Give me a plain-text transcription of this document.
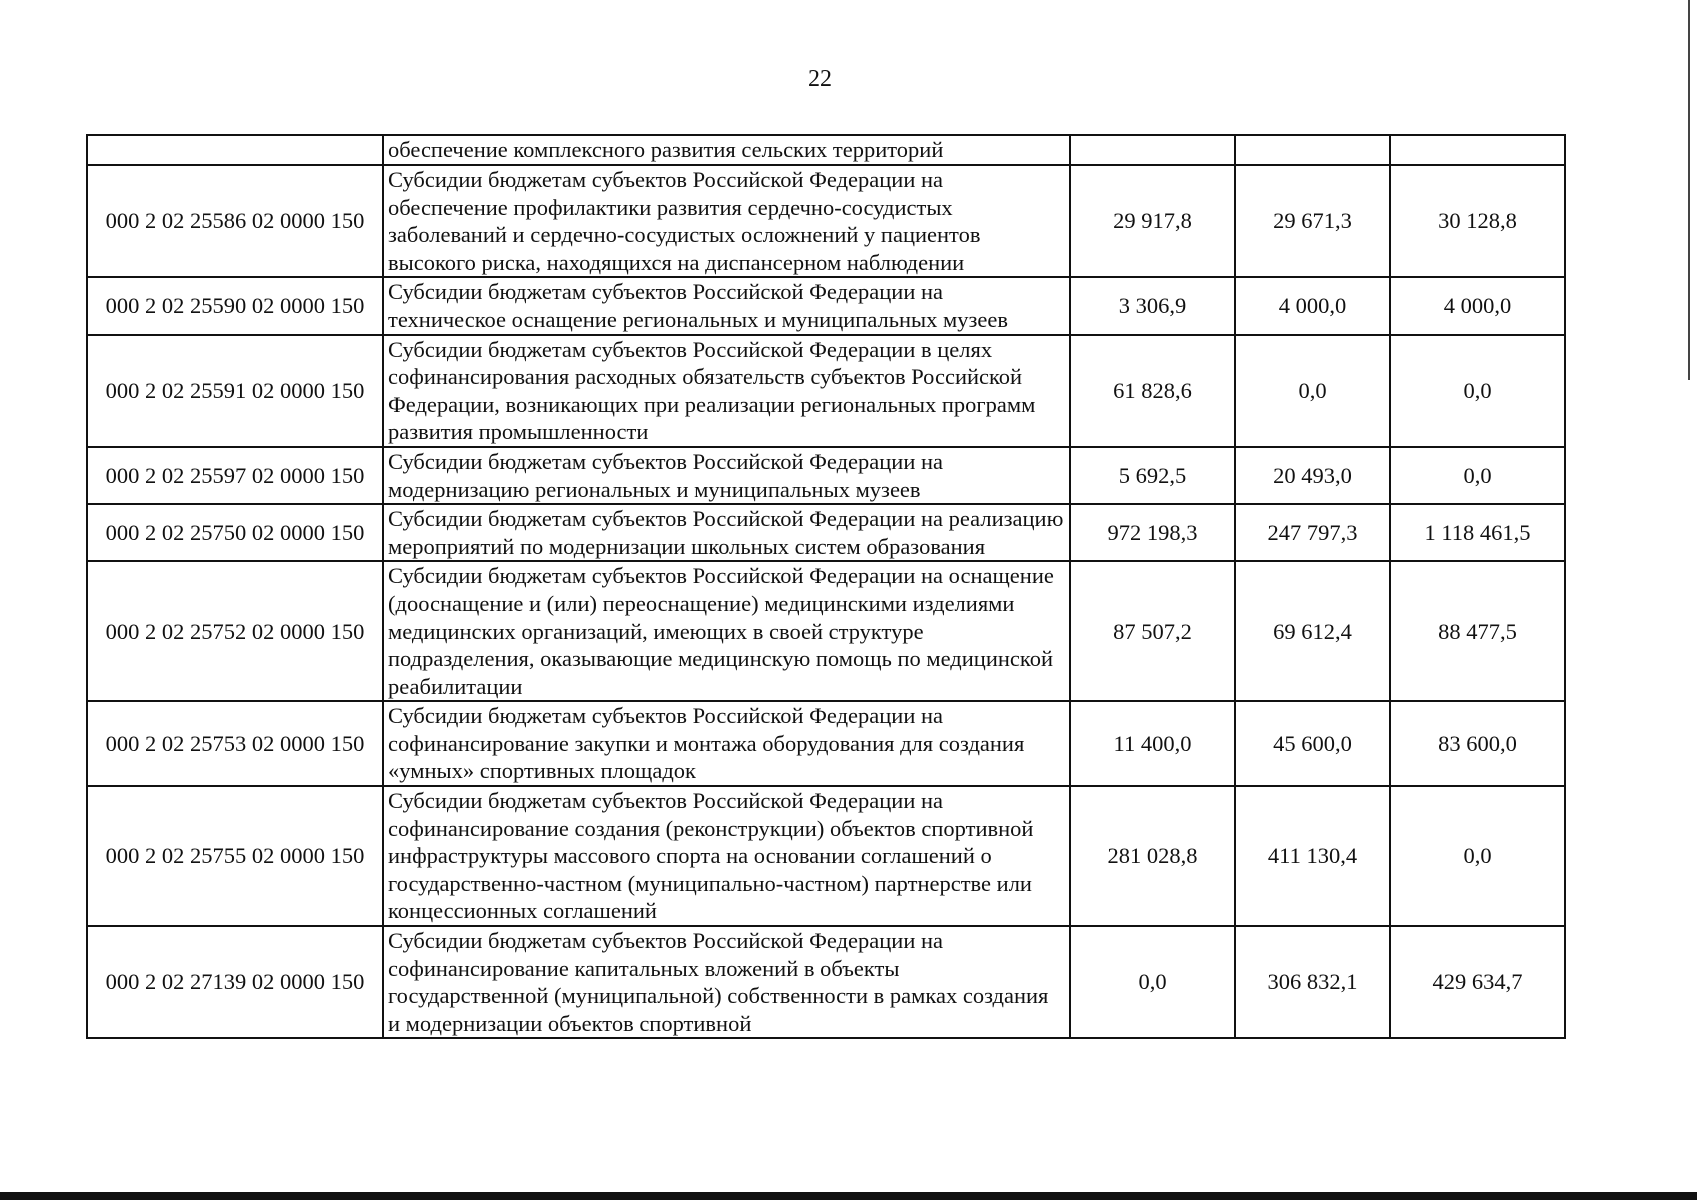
22
	обеспечение комплексного развития сельских территорий			
000 2 02 25586 02 0000 150	Субсидии бюджетам субъектов Российской Федерации на обеспечение профилактики развития сердечно-сосудистых заболеваний и сердечно-сосудистых осложнений у пациентов высокого риска, находящихся на диспансерном наблюдении	29 917,8	29 671,3	30 128,8
000 2 02 25590 02 0000 150	Субсидии бюджетам субъектов Российской Федерации на техническое оснащение региональных и муниципальных музеев	3 306,9	4 000,0	4 000,0
000 2 02 25591 02 0000 150	Субсидии бюджетам субъектов Российской Федерации в целях софинансирования расходных обязательств субъектов Российской Федерации, возникающих при реализации региональных программ развития промышленности	61 828,6	0,0	0,0
000 2 02 25597 02 0000 150	Субсидии бюджетам субъектов Российской Федерации на модернизацию региональных и муниципальных музеев	5 692,5	20 493,0	0,0
000 2 02 25750 02 0000 150	Субсидии бюджетам субъектов Российской Федерации на реализацию мероприятий по модернизации школьных систем образования	972 198,3	247 797,3	1 118 461,5
000 2 02 25752 02 0000 150	Субсидии бюджетам субъектов Российской Федерации на оснащение (дооснащение и (или) переоснащение) медицинскими изделиями медицинских организаций, имеющих в своей структуре подразделения, оказывающие медицинскую помощь по медицинской реабилитации	87 507,2	69 612,4	88 477,5
000 2 02 25753 02 0000 150	Субсидии бюджетам субъектов Российской Федерации на софинансирование закупки и монтажа оборудования для создания «умных» спортивных площадок	11 400,0	45 600,0	83 600,0
000 2 02 25755 02 0000 150	Субсидии бюджетам субъектов Российской Федерации на софинансирование создания (реконструкции) объектов спортивной инфраструктуры массового спорта на основании соглашений о государственно-частном (муниципально-частном) партнерстве или концессионных соглашений	281 028,8	411 130,4	0,0
000 2 02 27139 02 0000 150	Субсидии бюджетам субъектов Российской Федерации на софинансирование капитальных вложений в объекты государственной (муниципальной) собственности в рамках создания и модернизации объектов спортивной	0,0	306 832,1	429 634,7
